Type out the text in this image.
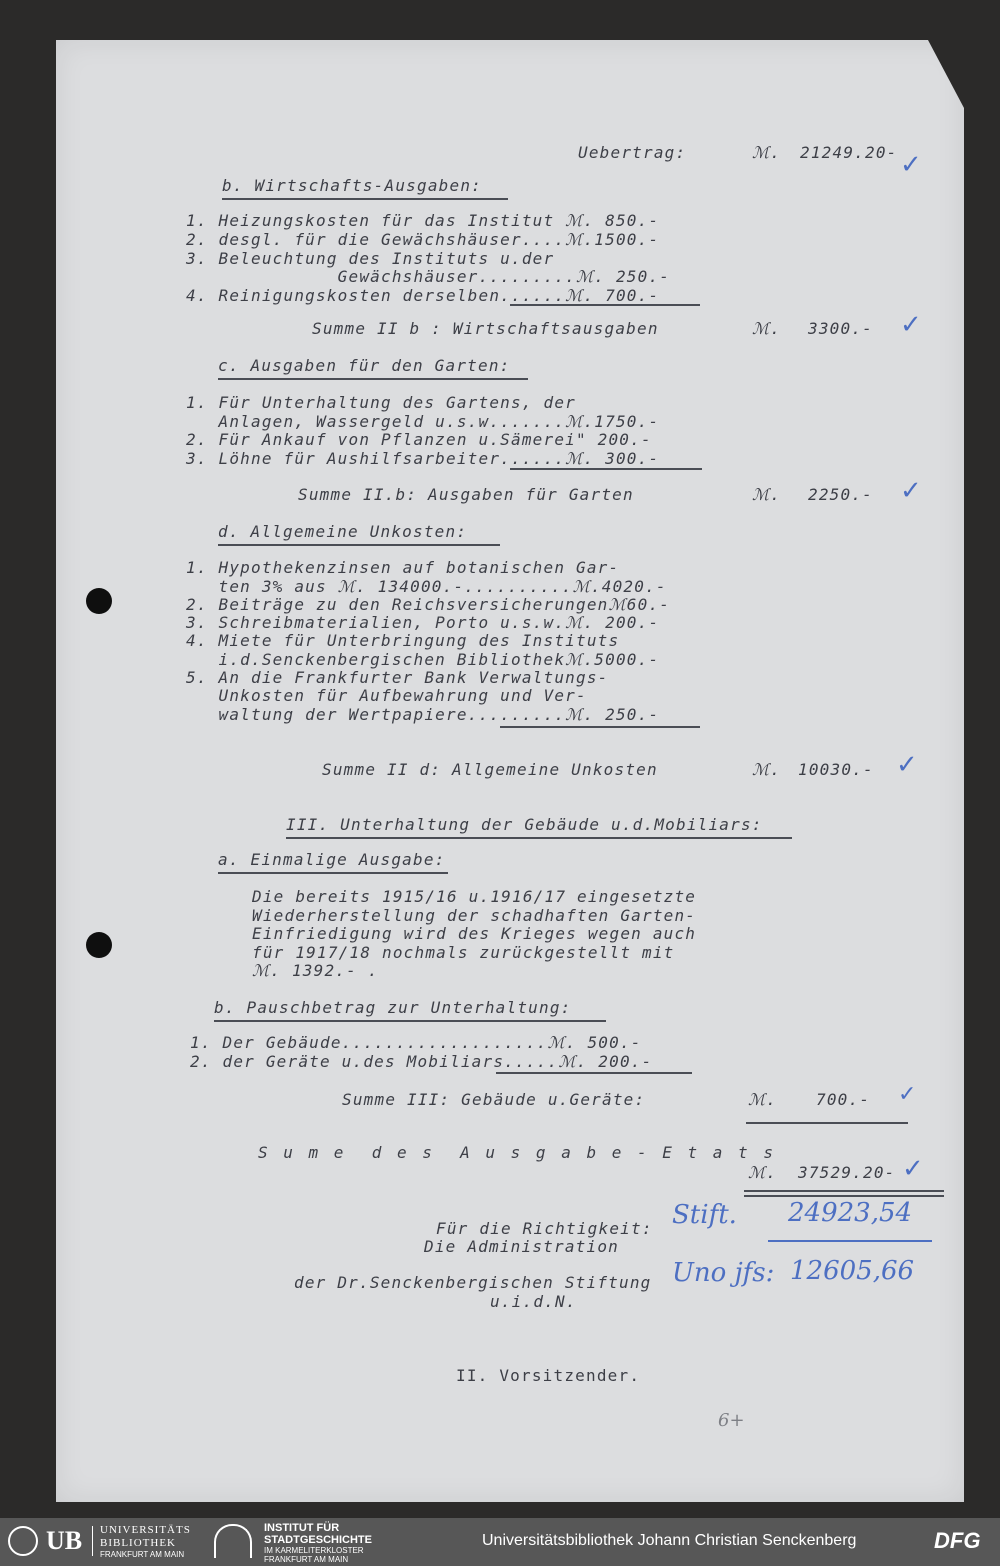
Uebertrag:	ℳ. 21249.20- ✓
b. Wirtschafts-Ausgaben:
1. Heizungskosten für das Institut ℳ. 850.-
2. desgl. für die Gewächshäuser....ℳ.1500.-
3. Beleuchtung des Instituts u.der
Gewächshäuser.........ℳ. 250.-
4. Reinigungskosten derselben......ℳ. 700.-
Summe II b : Wirtschaftsausgaben	ℳ. 3300.- ✓
c. Ausgaben für den Garten:
1. Für Unterhaltung des Gartens, der
Anlagen, Wassergeld u.s.w.......ℳ.1750.-
2. Für Ankauf von Pflanzen u.Sämerei" 200.-
3. Löhne für Aushilfsarbeiter......ℳ. 300.-
Summe II.b: Ausgaben für Garten	ℳ. 2250.- ✓
d. Allgemeine Unkosten:
1. Hypothekenzinsen auf botanischen Gar-
ten 3% aus ℳ. 134000.-..........ℳ.4020.-
2. Beiträge zu den Reichsversicherungenℳ60.-
3. Schreibmaterialien, Porto u.s.w.ℳ. 200.-
4. Miete für Unterbringung des Instituts
i.d.Senckenbergischen Bibliothekℳ.5000.-
5. An die Frankfurter Bank Verwaltungs-
Unkosten für Aufbewahrung und Ver-
waltung der Wertpapiere.........ℳ. 250.-
Summe II d: Allgemeine Unkosten	ℳ. 10030.- ✓
III. Unterhaltung der Gebäude u.d.Mobiliars:
a. Einmalige Ausgabe:
Die bereits 1915/16 u.1916/17 eingesetzte
Wiederherstellung der schadhaften Garten-
Einfriedigung wird des Krieges wegen auch
für 1917/18 nochmals zurückgestellt mit
ℳ. 1392.- .
b. Pauschbetrag zur Unterhaltung:
1. Der Gebäude...................ℳ. 500.-
2. der Geräte u.des Mobiliars.....ℳ. 200.-
Summe III: Gebäude u.Geräte:	ℳ. 700.- ✓
S u m e  d e s  A u s g a b e - E t a t s
ℳ. 37529.20- ✓
Für die Richtigkeit:
Die Administration
der Dr.Senckenbergischen Stiftung
u.i.d.N.
II. Vorsitzender.
Stift. 24923,54
Uno jfs: 12605,66
6+
UB UNIVERSITÄTS
BIBLIOTHEK
FRANKFURT AM MAIN
INSTITUT FÜR
STADTGESCHICHTE
IM KARMELITERKLOSTER
FRANKFURT AM MAIN
Universitätsbibliothek Johann Christian Senckenberg	DFG
